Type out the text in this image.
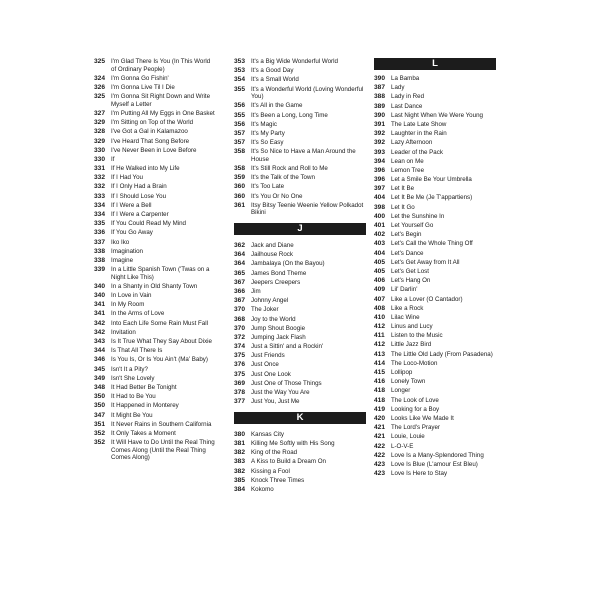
325 I'm Glad There Is You (In This World of Ordinary People)
324 I'm Gonna Go Fishin'
326 I'm Gonna Live Til I Die
325 I'm Gonna Sit Right Down and Write Myself a Letter
327 I'm Putting All My Eggs in One Basket
329 I'm Sitting on Top of the World
328 I've Got a Gal in Kalamazoo
329 I've Heard That Song Before
330 I've Never Been in Love Before
330 If
331 If He Walked into My Life
332 If I Had You
332 If I Only Had a Brain
333 If I Should Lose You
334 If I Were a Bell
334 If I Were a Carpenter
335 If You Could Read My Mind
336 If You Go Away
337 Iko Iko
338 Imagination
338 Imagine
339 In a Little Spanish Town ('Twas on a Night Like This)
340 In a Shanty in Old Shanty Town
340 In Love in Vain
341 In My Room
341 In the Arms of Love
342 Into Each Life Some Rain Must Fall
342 Invitation
343 Is It True What They Say About Dixie
344 Is That All There Is
346 Is You Is, Or Is You Ain't (Ma' Baby)
345 Isn't It a Pity?
349 Isn't She Lovely
348 It Had Better Be Tonight
350 It Had to Be You
350 It Happened in Monterey
347 It Might Be You
351 It Never Rains in Southern California
352 It Only Takes a Moment
352 It Will Have to Do Until the Real Thing Comes Along (Until the Real Thing Comes Along)
353 It's a Big Wide Wonderful World
353 It's a Good Day
354 It's a Small World
355 It's a Wonderful World (Loving Wonderful You)
356 It's All in the Game
355 It's Been a Long, Long Time
356 It's Magic
357 It's My Party
357 It's So Easy
358 It's So Nice to Have a Man Around the House
358 It's Still Rock and Roll to Me
359 It's the Talk of the Town
360 It's Too Late
360 It's You Or No One
361 Itsy Bitsy Teenie Weenie Yellow Polkadot Bikini
J
362 Jack and Diane
364 Jailhouse Rock
364 Jambalaya (On the Bayou)
365 James Bond Theme
367 Jeepers Creepers
366 Jim
367 Johnny Angel
370 The Joker
368 Joy to the World
370 Jump Shout Boogie
372 Jumping Jack Flash
374 Just a Sittin' and a Rockin'
375 Just Friends
376 Just Once
375 Just One Look
369 Just One of Those Things
378 Just the Way You Are
377 Just You, Just Me
K
380 Kansas City
381 Killing Me Softly with His Song
382 King of the Road
383 A Kiss to Build a Dream On
382 Kissing a Fool
385 Knock Three Times
384 Kokomo
L
390 La Bamba
387 Lady
388 Lady in Red
389 Last Dance
390 Last Night When We Were Young
391 The Late Late Show
392 Laughter in the Rain
392 Lazy Afternoon
393 Leader of the Pack
394 Lean on Me
396 Lemon Tree
396 Let a Smile Be Your Umbrella
397 Let It Be
404 Let It Be Me (Je T'appartiens)
398 Let It Go
400 Let the Sunshine In
401 Let Yourself Go
402 Let's Begin
403 Let's Call the Whole Thing Off
404 Let's Dance
405 Let's Get Away from It All
405 Let's Get Lost
406 Let's Hang On
409 Lil' Darlin'
407 Like a Lover (O Cantador)
408 Like a Rock
410 Lilac Wine
412 Linus and Lucy
411	Listen to the Music
412 Little Jazz Bird
413 The Little Old Lady (From Pasadena)
414 The Loco-Motion
415 Lollipop
416 Lonely Town
418 Longer
418 The Look of Love
419 Looking for a Boy
420 Looks Like We Made It
421 The Lord's Prayer
421 Louie, Louie
422 L-O-V-E
422 Love Is a Many-Splendored Thing
423 Love Is Blue (L'amour Est Bleu)
423 Love Is Here to Stay
